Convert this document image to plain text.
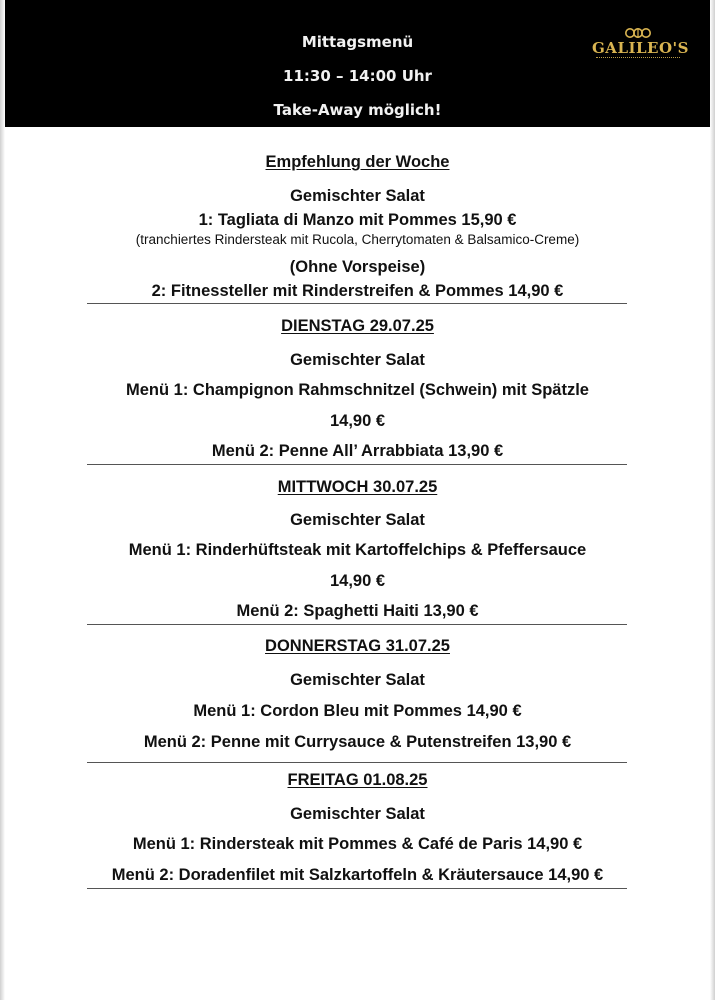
Mittagsmenü
11:30 – 14:00 Uhr
Take-Away möglich!
GALILEO'S
Empfehlung der Woche
Gemischter Salat
1: Tagliata di Manzo mit Pommes 15,90 €
(tranchiertes Rindersteak mit Rucola, Cherrytomaten & Balsamico-Creme)
(Ohne Vorspeise)
2: Fitnessteller mit Rinderstreifen & Pommes 14,90 €
DIENSTAG 29.07.25
Gemischter Salat
Menü 1: Champignon Rahmschnitzel (Schwein) mit Spätzle
14,90 €
Menü 2: Penne All’ Arrabbiata 13,90 €
MITTWOCH 30.07.25
Gemischter Salat
Menü 1: Rinderhüftsteak mit Kartoffelchips & Pfeffersauce
14,90 €
Menü 2: Spaghetti Haiti 13,90 €
DONNERSTAG 31.07.25
Gemischter Salat
Menü 1: Cordon Bleu mit Pommes 14,90 €
Menü 2: Penne mit Currysauce & Putenstreifen 13,90 €
FREITAG 01.08.25
Gemischter Salat
Menü 1: Rindersteak mit Pommes & Café de Paris 14,90 €
Menü 2: Doradenfilet mit Salzkartoffeln & Kräutersauce 14,90 €
